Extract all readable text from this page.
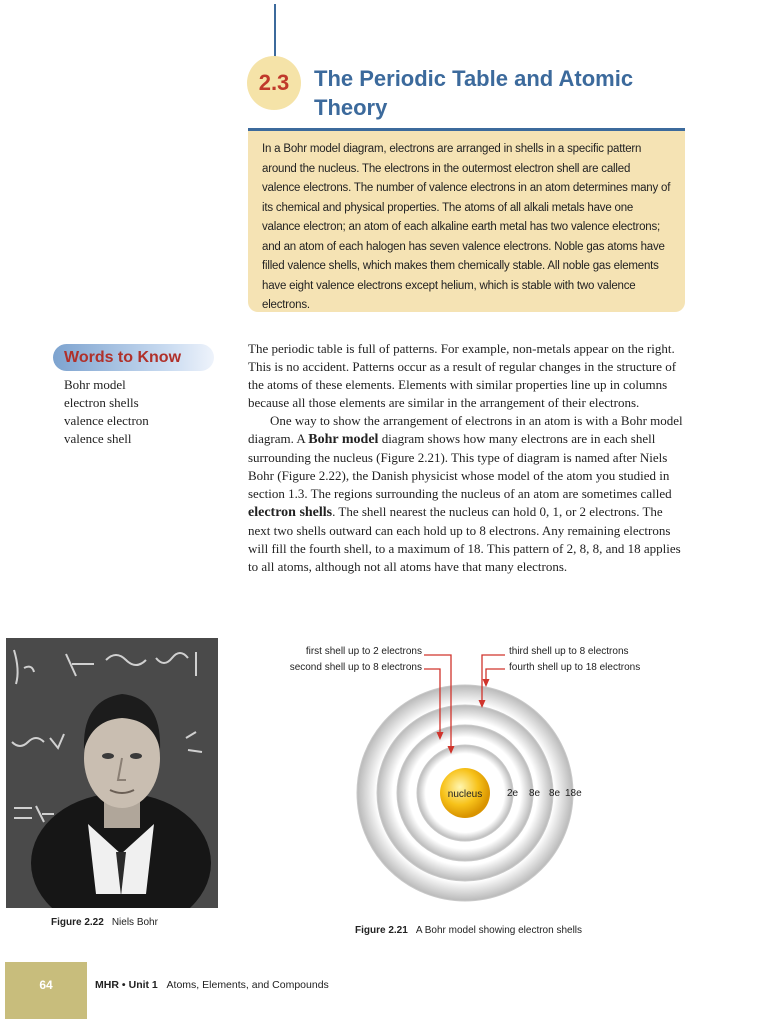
2.3 The Periodic Table and Atomic Theory

In a Bohr model diagram, electrons are arranged in shells in a specific pattern around the nucleus. The electrons in the outermost electron shell are called valence electrons. The number of valence electrons in an atom determines many of its chemical and physical properties. The atoms of all alkali metals have one valance electron; an atom of each alkaline earth metal has two valence electrons; and an atom of each halogen has seven valence electrons. Noble gas atoms have filled valence shells, which makes them chemically stable. All noble gas elements have eight valence electrons except helium, which is stable with two valence electrons.

Words to Know
Bohr model
electron shells
valence electron
valence shell

The periodic table is full of patterns. For example, non-metals appear on the right. This is no accident. Patterns occur as a result of regular changes in the structure of the atoms of these elements. Elements with similar properties line up in columns because all those elements are similar in the arrangement of their electrons.

One way to show the arrangement of electrons in an atom is with a Bohr model diagram. A Bohr model diagram shows how many electrons are in each shell surrounding the nucleus (Figure 2.21). This type of diagram is named after Niels Bohr (Figure 2.22), the Danish physicist whose model of the atom you studied in section 1.3. The regions surrounding the nucleus of an atom are sometimes called electron shells. The shell nearest the nucleus can hold 0, 1, or 2 electrons. The next two shells outward can each hold up to 8 electrons. Any remaining electrons will fill the fourth shell, to a maximum of 18. This pattern of 2, 8, 8, and 18 applies to all atoms, although not all atoms have that many electrons.

Figure 2.22 Niels Bohr
nucleus 2e 8e 8e 18e
first shell up to 2 electrons
second shell up to 8 electrons
third shell up to 8 electrons
fourth shell up to 18 electrons
Figure 2.21 A Bohr model showing electron shells
64	MHR • Unit 1 Atoms, Elements, and Compounds
